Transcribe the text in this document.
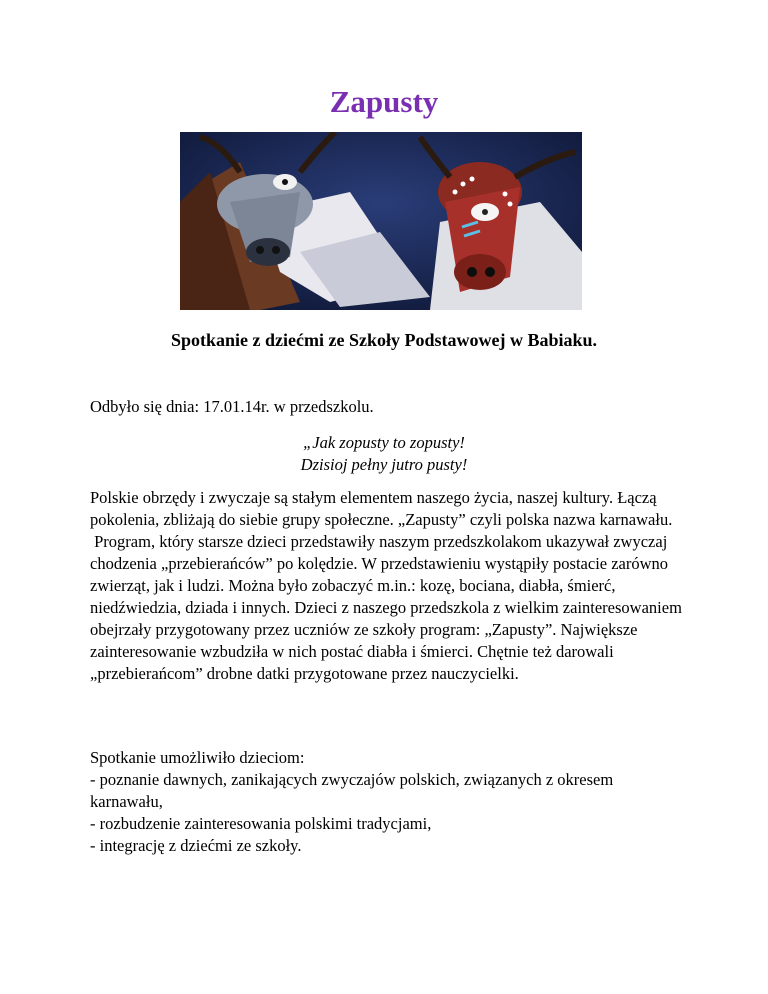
Zapusty
Spotkanie z dziećmi ze Szkoły Podstawowej w Babiaku.
Odbyło się dnia: 17.01.14r. w przedszkolu.
„Jak zopusty to zopusty!
Dzisioj pełny jutro pusty!

Polskie obrzędy i zwyczaje są stałym elementem naszego życia, naszej kultury. Łączą pokolenia, zbliżają do siebie grupy społeczne. „Zapusty” czyli polska nazwa karnawału.

Program, który starsze dzieci przedstawiły naszym przedszkolakom ukazywał zwyczaj chodzenia „przebierańców” po kolędzie. W przedstawieniu wystąpiły postacie zarówno zwierząt, jak i ludzi. Można było zobaczyć m.in.: kozę, bociana, diabła, śmierć, niedźwiedzia, dziada i innych. Dzieci z naszego przedszkola z wielkim zainteresowaniem obejrzały przygotowany przez uczniów ze szkoły program: „Zapusty”. Największe zainteresowanie wzbudziła w nich postać diabła i śmierci. Chętnie też darowali „przebierańcom” drobne datki przygotowane przez nauczycielki.

Spotkanie umożliwiło dzieciom:
- poznanie dawnych, zanikających zwyczajów polskich, związanych z okresem karnawału,
- rozbudzenie zainteresowania polskimi tradycjami,
- integrację z dziećmi ze szkoły.
